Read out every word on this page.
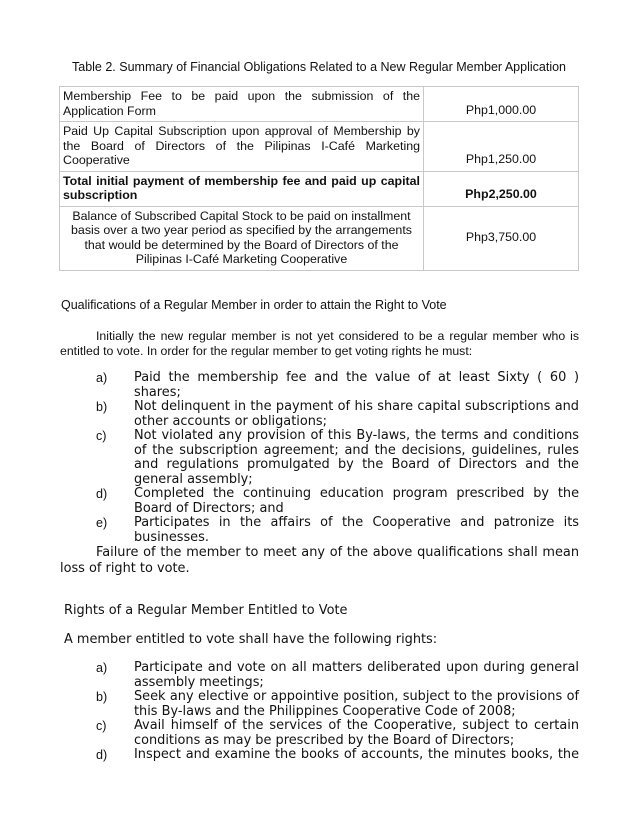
Table 2. Summary of Financial Obligations Related to a New Regular Member Application
Membership Fee to be paid upon the submission of the Application Form	Php1,000.00
Paid Up Capital Subscription upon approval of Membership by the Board of Directors of the Pilipinas I-Café Marketing Cooperative	Php1,250.00
Total initial payment of membership fee and paid up capital subscription	Php2,250.00
Balance of Subscribed Capital Stock to be paid on installment basis over a two year period as specified by the arrangements that would be determined by the Board of Directors of the Pilipinas I-Café Marketing Cooperative	Php3,750.00
Qualifications of a Regular Member in order to attain the Right to Vote
Initially the new regular member is not yet considered to be a regular member who is entitled to vote. In order for the regular member to get voting rights he must:
a) Paid the membership fee and the value of at least Sixty ( 60 ) shares;
b) Not delinquent in the payment of his share capital subscriptions and other accounts or obligations;
c) Not violated any provision of this By-laws, the terms and conditions of the subscription agreement; and the decisions, guidelines, rules and regulations promulgated by the Board of Directors and the general assembly;
d) Completed the continuing education program prescribed by the Board of Directors; and
e) Participates in the affairs of the Cooperative and patronize its businesses.
Failure of the member to meet any of the above qualifications shall mean loss of right to vote.
Rights of a Regular Member Entitled to Vote
A member entitled to vote shall have the following rights:
a) Participate and vote on all matters deliberated upon during general assembly meetings;
b) Seek any elective or appointive position, subject to the provisions of this By-laws and the Philippines Cooperative Code of 2008;
c) Avail himself of the services of the Cooperative, subject to certain conditions as may be prescribed by the Board of Directors;
d) Inspect and examine the books of accounts, the minutes books, the
